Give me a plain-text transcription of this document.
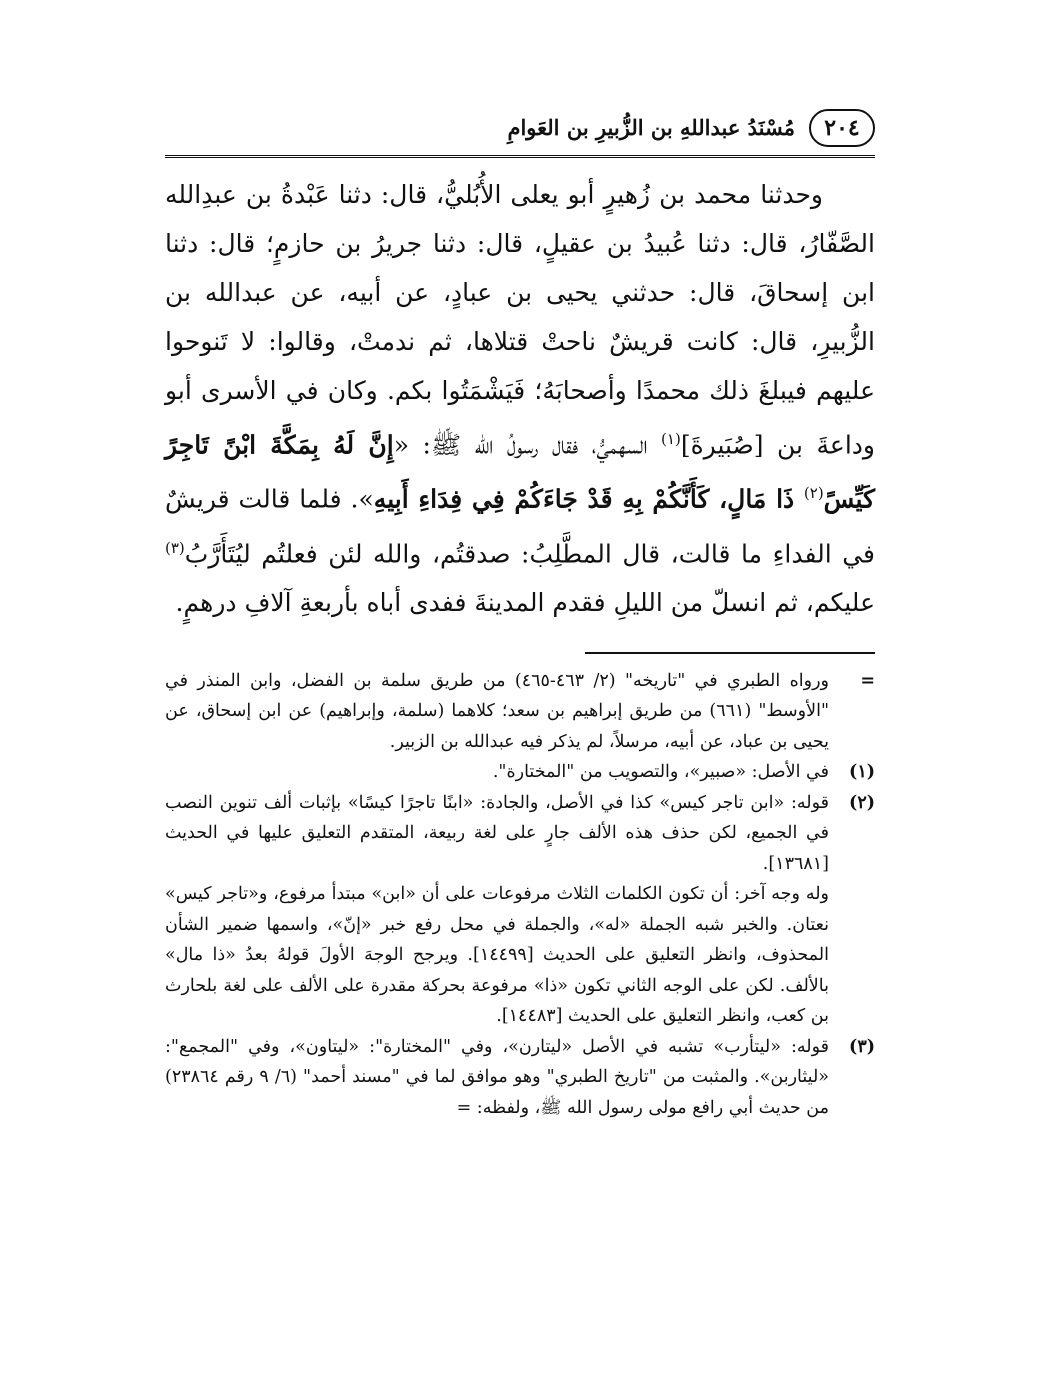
٢٠٤
مُسْنَدُ عبداللهِ بن الزُّبيرِ بن العَوامِ

وحدثنا محمد بن زُهيرٍ أبو يعلى الأُبُليُّ، قال: دثنا عَبْدةُ بن عبدِالله الصَّفّارُ، قال: دثنا عُبيدُ بن عقيلٍ، قال: دثنا جريرُ بن حازمٍ؛ قال: دثنا ابن إسحاقَ، قال: حدثني يحيى بن عبادٍ، عن أبيه، عن عبدالله بن الزُّبيرِ، قال: كانت قريشٌ ناحتْ قتلاها، ثم ندمتْ، وقالوا: لا تَنوحوا عليهم فيبلغَ ذلك محمدًا وأصحابَهُ؛ فَيَشْمَتُوا بكم. وكان في الأسرى أبو وداعةَ بن [صُبَيرةَ]$^{(١)}$ السهميُّ، فقال رسولُ الله ﷺ: «إِنَّ لَهُ بِمَكَّةَ ابْنًَ تَاجِرً كَيِّسً$^{(٢)}$ ذَا مَالٍ، كَأَنَّكُمْ بِهِ قَدْ جَاءَكُمْ فِي فِدَاءِ أَبِيهِ». فلما قالت قريشٌ في الفداءِ ما قالت، قال المطَّلِبُ: صدقتُم، والله لئن فعلتُم ليُتَأَرَّبُ$^{(٣)}$ عليكم، ثم انسلّ من الليلِ فقدم المدينةَ ففدى أباه بأربعةِ آلافِ درهمٍ.

=
ورواه الطبري في "تاريخه" (٢/ ٤٦٣-٤٦٥) من طريق سلمة بن الفضل، وابن المنذر في "الأوسط" (٦٦١) من طريق إبراهيم بن سعد؛ كلاهما (سلمة، وإبراهيم) عن ابن إسحاق، عن يحيى بن عباد، عن أبيه، مرسلاً، لم يذكر فيه عبدالله بن الزبير.
(١)
في الأصل: «صبير»، والتصويب من "المختارة".
(٢)
قوله: «ابن تاجر كيس» كذا في الأصل، والجادة: «ابنًا تاجرًا كيسًا» بإثبات ألف تنوين النصب في الجميع، لكن حذف هذه الألف جارٍ على لغة ربيعة، المتقدم التعليق عليها في الحديث [١٣٦٨١].
وله وجه آخر: أن تكون الكلمات الثلاث مرفوعات على أن «ابن» مبتدأ مرفوع، و«تاجر كيس» نعتان. والخبر شبه الجملة «له»، والجملة في محل رفع خبر «إنّ»، واسمها ضمير الشأن المحذوف، وانظر التعليق على الحديث [١٤٤٩٩]. ويرجح الوجهَ الأولَ قولهُ بعدُ «ذا مال» بالألف. لكن على الوجه الثاني تكون «ذا» مرفوعة بحركة مقدرة على الألف على لغة بلحارث بن كعب، وانظر التعليق على الحديث [١٤٤٨٣].
(٣)
قوله: «ليتأرب» تشبه في الأصل «ليتارن»، وفي "المختارة": «ليتاون»، وفي "المجمع": «ليثاربن». والمثبت من "تاريخ الطبري" وهو موافق لما في "مسند أحمد" (٦/ ٩ رقم ٢٣٨٦٤) من حديث أبي رافع مولى رسول الله ﷺ، ولفظه: =
